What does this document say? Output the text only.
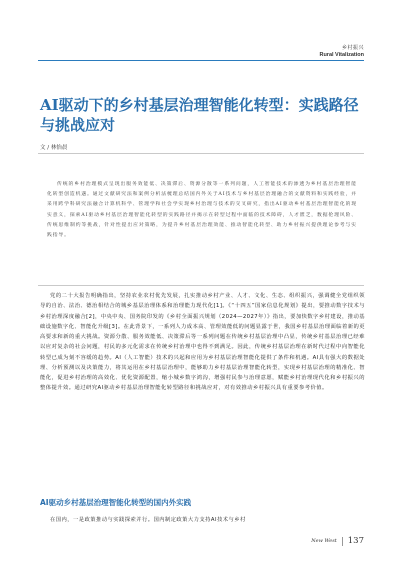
乡村振兴
Rural Vitalization
AI驱动下的乡村基层治理智能化转型：实践路径与挑战应对
文 / 林怡晨

传统的乡村治理模式呈现出服务效能低、决策滞后、资源分散等一系列问题，人工智能技术的渗透为乡村基层治理智能化转型创造机遇。通过文献研究法和案例分析法梳理总结国内外关于AI技术与乡村基层治理融合的文献资料和实践经验，并采用跨学科研究法融合计算机科学、管理学和社会学实现乡村治理与技术的交叉研究，指出AI驱动乡村基层治理智能化的现实意义，探索AI驱动乡村基层治理智能化转型的实践路径并揭示在转型过程中面临的技术障碍，人才匮乏，数据伦理风险、传统思维制约等挑战，针对性提出应对策略，为提升乡村基层治理效能、推动智能化转型、助力乡村振兴提供理论参考与实践指导。

党的二十大报告明确指出，坚持农业农村优先发展，扎实推动乡村产业、人才、文化、生态、组织振兴，强调健全党组织领导的自治、法治、德治相结合的城乡基层治理体系和治理能力现代化[1]。《“十四五”国家信息化规划》提出，要推动数字技术与乡村治理深度融合[2]，中央中央、国务院印发的《乡村全面振兴规划（2024—2027年）》指出，要加快数字乡村建设，推动基础设施数字化、智能化升级[3]。在此背景下，一系列人力成本高、管理效能低的问题显露于世，我国乡村基层治理面临着新的更高要求和新的重大挑战。资源分散、服务效能低、决策滞后等一系列问题在传统乡村基层治理中凸显，传统乡村基层治理已经难以应对复杂的社会问题，村民的多元化需求在传统乡村治理中也得不到满足。因此，传统乡村基层治理在新时代过程中向智能化转型已成为刻不容缓的趋势。AI（人工智能）技术的兴起和应用为乡村基层治理智能化提供了条件和机遇。AI具有强大的数据处理、分析预测以及决策能力，将其运用在乡村基层治理中，能够助力乡村基层治理智能化转型，实现乡村基层治理的精准化、智能化，促进乡村治理的高效化、优化资源配置，缩小城乡数字鸿沟，增强村民参与治理意愿，赋能乡村治理现代化和乡村振兴的整体提升效。通过研究AI驱动乡村基层治理智能化转型路径和挑战应对，对有效推动乡村振兴具有重要参考价值。

AI驱动乡村基层治理智能化转型的国内外实践

在国内，一是政策推动与实践探索并行。国内制定政策大力支持AI技术与乡村

New West 137
